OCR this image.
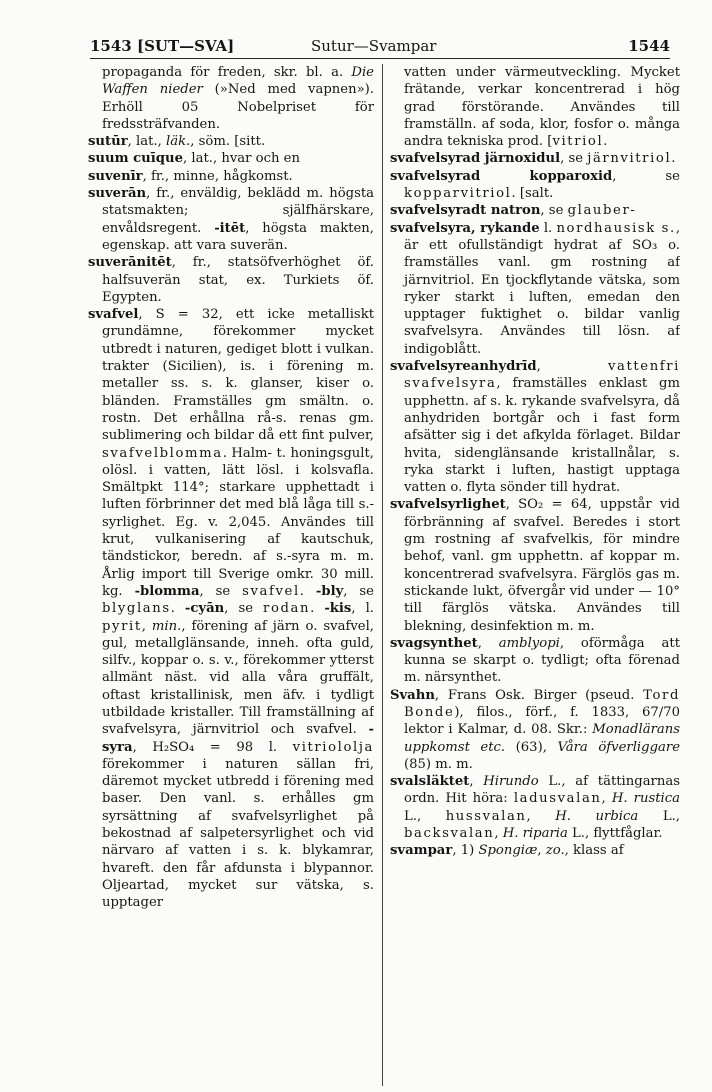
1543 [SUT—SVA]	Sutur—Svampar	1544

propaganda för freden, skr. bl. a. Die Waffen nieder (»Ned med vapnen»). Erhöll 05 Nobelpriset för fredssträfvanden.

sutūr, lat., läk., söm. [sitt.

suum cuīque, lat., hvar och en

suvenīr, fr., minne, hågkomst.

suverān, fr., enväldig, beklädd m. högsta statsmakten; själfhärskare, envåldsregent. -itēt, högsta makten, egenskap. att vara suverän.

suverānitēt, fr., statsöfverhöghet öf. halfsuverän stat, ex. Turkiets öf. Egypten.

svafvel, S = 32, ett icke metalliskt grundämne, förekommer mycket utbredt i naturen, gediget blott i vulkan. trakter (Sicilien), is. i förening m. metaller ss. s. k. glanser, kiser o. bländen. Framställes gm smältn. o. rostn. Det erhållna rå-s. renas gm. sublimering och bildar då ett fint pulver, svafvelblomma. Halm- t. honingsgult, olösl. i vatten, lätt lösl. i kolsvafla. Smältpkt 114°; starkare upphettadt i luften förbrinner det med blå låga till s.-syrlighet. Eg. v. 2,045. Användes till krut, vulkanisering af kautschuk, tändstickor, beredn. af s.-syra m. m. Årlig import till Sverige omkr. 30 mill. kg. -blomma, se svafvel. -bly, se blyglans. -cyān, se rodan. -kis, l. pyrit, min., förening af järn o. svafvel, gul, metallglänsande, inneh. ofta guld, silfv., koppar o. s. v., förekommer ytterst allmänt näst. vid alla våra gruffält, oftast kristallinisk, men äfv. i tydligt utbildade kristaller. Till framställning af svafvelsyra, järnvitriol och svafvel. -syra, H₂SO₄ = 98 l. vitriololja förekommer i naturen sällan fri, däremot mycket utbredd i förening med baser. Den vanl. s. erhålles gm syrsättning af svafvelsyrlighet på bekostnad af salpetersyrlighet och vid närvaro af vatten i s. k. blykamrar, hvareft. den får afdunsta i blypannor. Oljeartad, mycket sur vätska, s. upptager

vatten under värmeutveckling. Mycket frätande, verkar koncentrerad i hög grad förstörande. Användes till framställn. af soda, klor, fosfor o. många andra tekniska prod. [vitriol.

svafvelsyrad järnoxidul, se järnvitriol.

svafvelsyrad kopparoxid, se kopparvitriol. [salt.

svafvelsyradt natron, se glauber-

svafvelsyra, rykande l. nordhausisk s., är ett ofullständigt hydrat af SO₃ o. framställes vanl. gm rostning af järnvitriol. En tjockflytande vätska, som ryker starkt i luften, emedan den upptager fuktighet o. bildar vanlig svafvelsyra. Användes till lösn. af indigoblått.

svafvelsyreanhydrīd, vattenfri svafvelsyra, framställes enklast gm upphettn. af s. k. rykande svafvelsyra, då anhydriden bortgår och i fast form afsätter sig i det afkylda förlaget. Bildar hvita, sidenglänsande kristallnålar, s. ryka starkt i luften, hastigt upptaga vatten o. flyta sönder till hydrat.

svafvelsyrlighet, SO₂ = 64, uppstår vid förbränning af svafvel. Beredes i stort gm rostning af svafvelkis, för mindre behof, vanl. gm upphettn. af koppar m. koncentrerad svafvelsyra. Färglös gas m. stickande lukt, öfvergår vid under — 10° till färglös vätska. Användes till blekning, desinfektion m. m.

svagsynthet, amblyopi, oförmåga att kunna se skarpt o. tydligt; ofta förenad m. närsynthet.

Svahn, Frans Osk. Birger (pseud. Tord Bonde), filos., förf., f. 1833, 67/70 lektor i Kalmar, d. 08. Skr.: Monadlärans uppkomst etc. (63), Våra öfverliggare (85) m. m.

svalsläktet, Hirundo L., af tättingarnas ordn. Hit höra: ladusvalan, H. rustica L., hussvalan, H. urbica L., backsvalan, H. riparia L., flyttfåglar.

svampar, 1) Spongiæ, zo., klass af
